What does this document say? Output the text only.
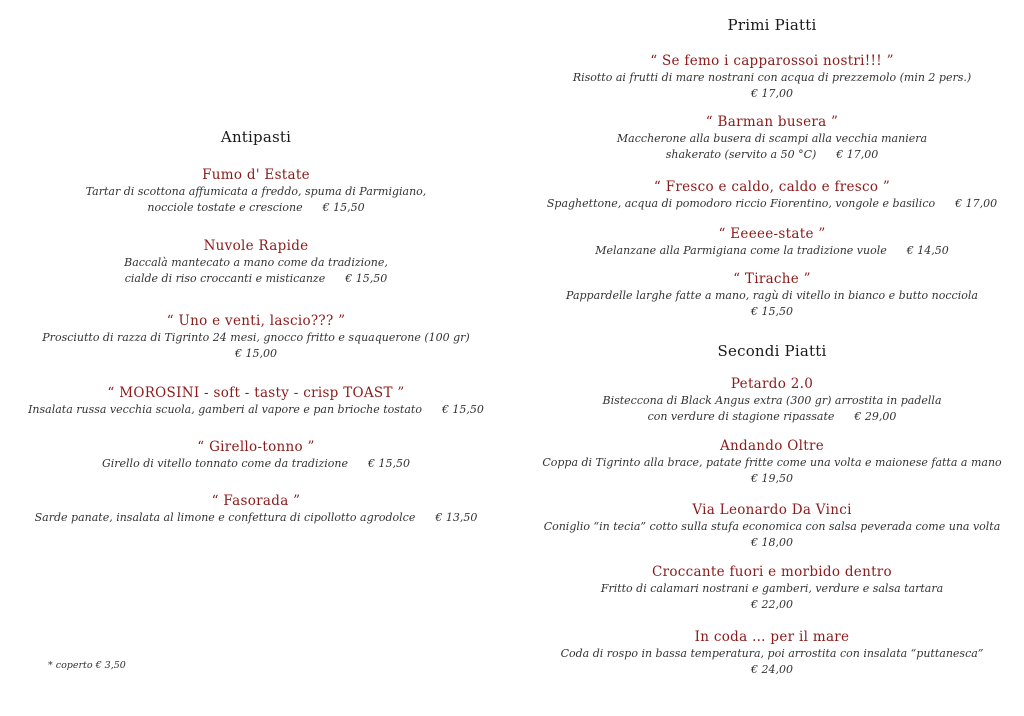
Antipasti
Fumo d' Estate
Tartar di scottona affumicata a freddo, spuma di Parmigiano,
nocciole tostate e crescione € 15,50
Nuvole Rapide
Baccalà mantecato a mano come da tradizione,
cialde di riso croccanti e misticanze € 15,50
“ Uno e venti, lascio??? ”
Prosciutto di razza di Tigrinto 24 mesi, gnocco fritto e squaquerone (100 gr)
€ 15,00
“ MOROSINI - soft - tasty - crisp TOAST ”
Insalata russa vecchia scuola, gamberi al vapore e pan brioche tostato € 15,50
“ Girello-tonno ”
Girello di vitello tonnato come da tradizione € 15,50
“ Fasorada ”
Sarde panate, insalata al limone e confettura di cipollotto agrodolce € 13,50
* coperto € 3,50
Primi Piatti
“ Se femo i capparossoi nostri!!! ”
Risotto ai frutti di mare nostrani con acqua di prezzemolo (min 2 pers.)
€ 17,00
“ Barman busera ”
Maccherone alla busera di scampi alla vecchia maniera
shakerato (servito a 50 °C) € 17,00
“ Fresco e caldo, caldo e fresco ”
Spaghettone, acqua di pomodoro riccio Fiorentino, vongole e basilico € 17,00
“ Eeeee-state ”
Melanzane alla Parmigiana come la tradizione vuole € 14,50
“ Tirache ”
Pappardelle larghe fatte a mano, ragù di vitello in bianco e butto nocciola
€ 15,50
Secondi Piatti
Petardo 2.0
Bisteccona di Black Angus extra (300 gr) arrostita in padella
con verdure di stagione ripassate € 29,00
Andando Oltre
Coppa di Tigrinto alla brace, patate fritte come una volta e maionese fatta a mano
€ 19,50
Via Leonardo Da Vinci
Coniglio “in tecia” cotto sulla stufa economica con salsa peverada come una volta
€ 18,00
Croccante fuori e morbido dentro
Fritto di calamari nostrani e gamberi, verdure e salsa tartara
€ 22,00
In coda … per il mare
Coda di rospo in bassa temperatura, poi arrostita con insalata “puttanesca”
€ 24,00
